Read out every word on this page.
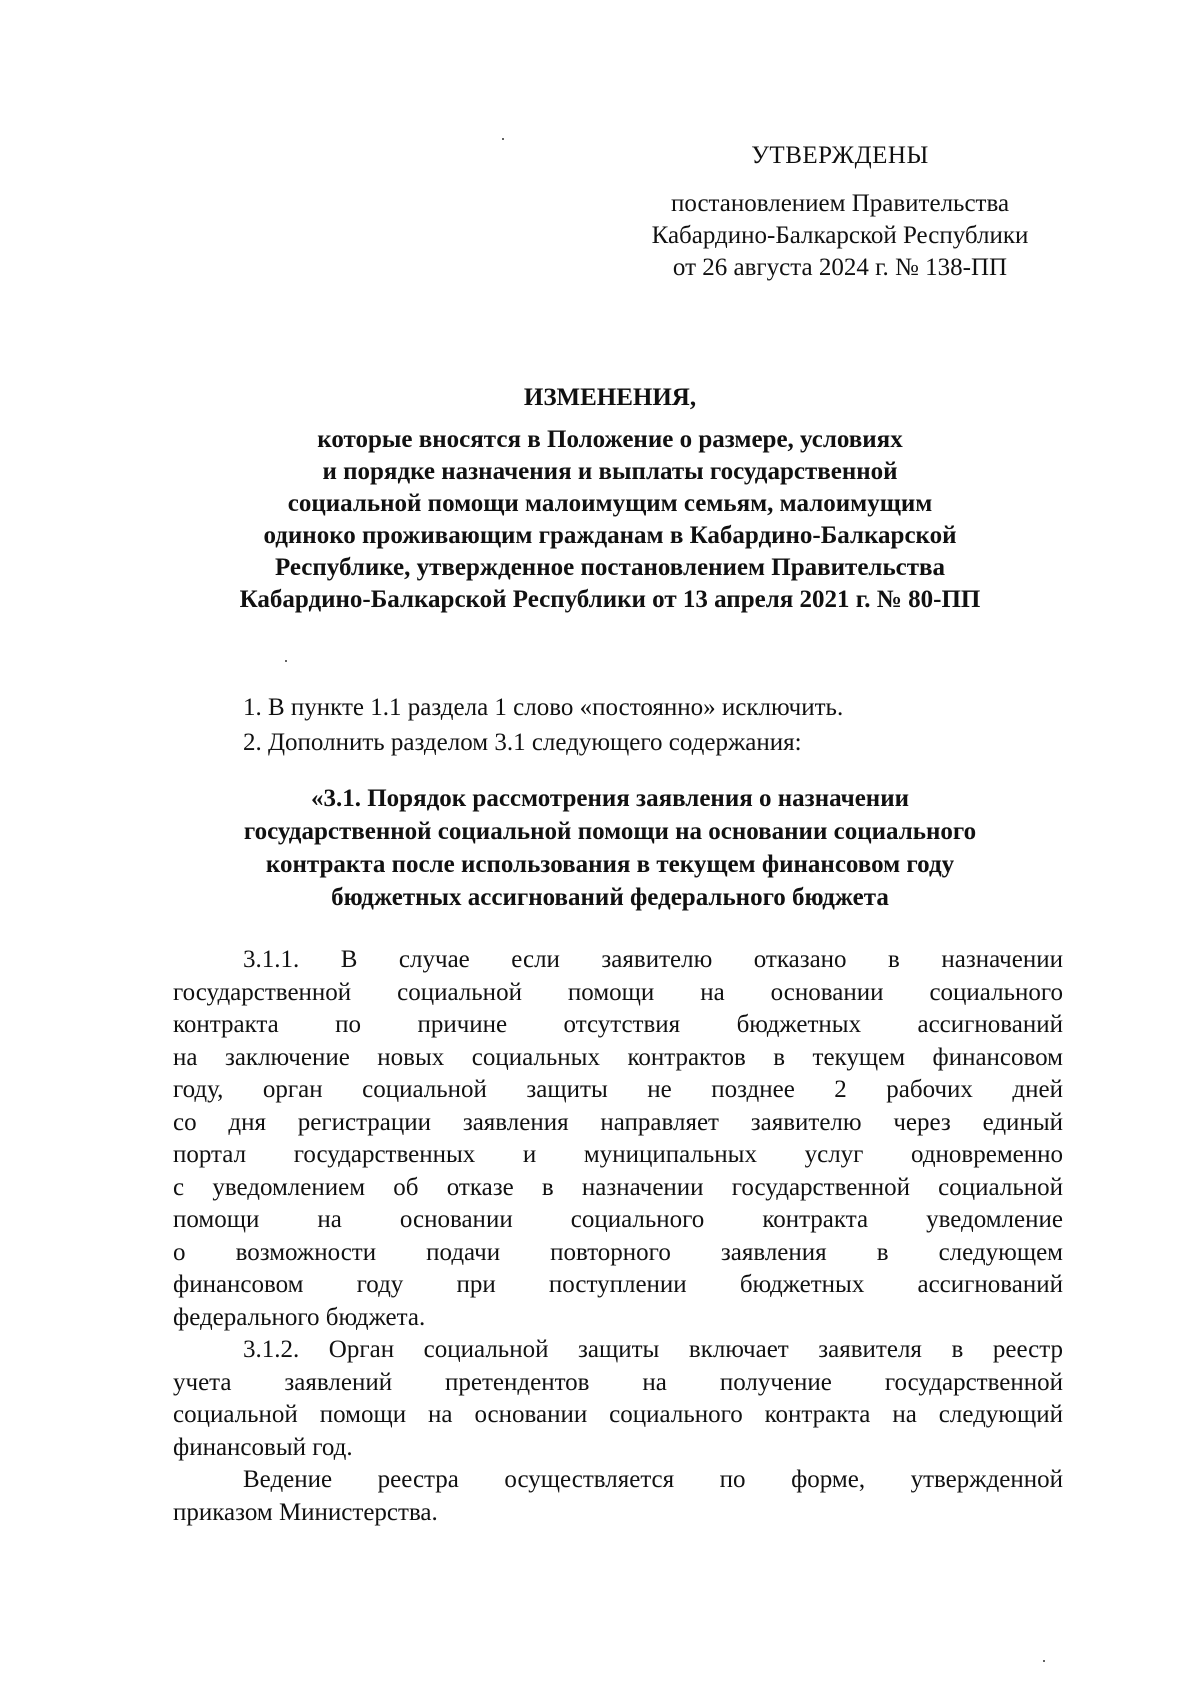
УТВЕРЖДЕНЫ
постановлением Правительства
Кабардино-Балкарской Республики
от 26 августа 2024 г. № 138-ПП
ИЗМЕНЕНИЯ,
которые вносятся в Положение о размере, условиях
и порядке назначения и выплаты государственной
социальной помощи малоимущим семьям, малоимущим
одиноко проживающим гражданам в Кабардино-Балкарской
Республике, утвержденное постановлением Правительства
Кабардино-Балкарской Республики от 13 апреля 2021 г. № 80-ПП
1. В пункте 1.1 раздела 1 слово «постоянно» исключить.
2. Дополнить разделом 3.1 следующего содержания:
«3.1. Порядок рассмотрения заявления о назначении
государственной социальной помощи на основании социального
контракта после использования в текущем финансовом году
бюджетных ассигнований федерального бюджета

3.1.1. В случае если заявителю отказано в назначении
государственной социальной помощи на основании социального
контракта по причине отсутствия бюджетных ассигнований
на заключение новых социальных контрактов в текущем финансовом
году, орган социальной защиты не позднее 2 рабочих дней
со дня регистрации заявления направляет заявителю через единый
портал государственных и муниципальных услуг одновременно
с уведомлением об отказе в назначении государственной социальной
помощи на основании социального контракта уведомление
о возможности подачи повторного заявления в следующем
финансовом году при поступлении бюджетных ассигнований
федерального бюджета.

3.1.2. Орган социальной защиты включает заявителя в реестр
учета заявлений претендентов на получение государственной
социальной помощи на основании социального контракта на следующий
финансовый год.

Ведение реестра осуществляется по форме, утвержденной
приказом Министерства.
